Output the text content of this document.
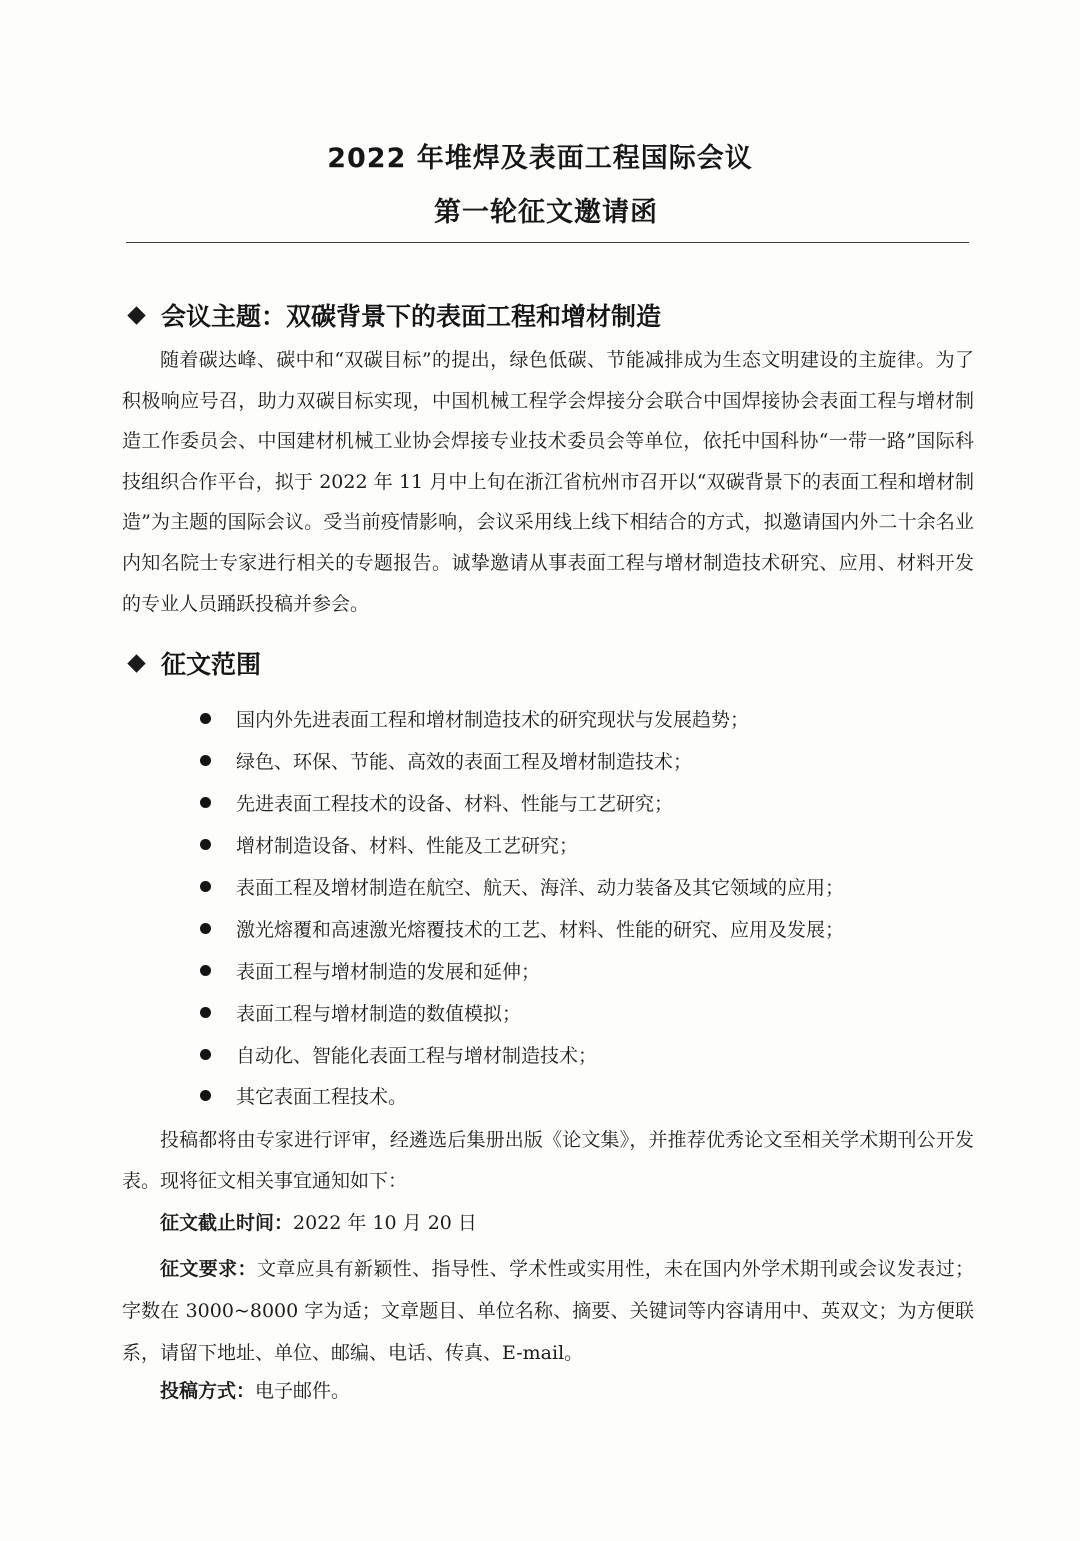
2022 年堆焊及表面工程国际会议
第一轮征文邀请函
会议主题：双碳背景下的表面工程和增材制造

随着碳达峰、碳中和“双碳目标”的提出，绿色低碳、节能减排成为生态文明建设的主旋律。为了积极响应号召，助力双碳目标实现，中国机械工程学会焊接分会联合中国焊接协会表面工程与增材制造工作委员会、中国建材机械工业协会焊接专业技术委员会等单位，依托中国科协“一带一路”国际科技组织合作平台，拟于 2022 年 11 月中上旬在浙江省杭州市召开以“双碳背景下的表面工程和增材制造”为主题的国际会议。受当前疫情影响，会议采用线上线下相结合的方式，拟邀请国内外二十余名业内知名院士专家进行相关的专题报告。诚挚邀请从事表面工程与增材制造技术研究、应用、材料开发的专业人员踊跃投稿并参会。

征文范围
国内外先进表面工程和增材制造技术的研究现状与发展趋势；
绿色、环保、节能、高效的表面工程及增材制造技术；
先进表面工程技术的设备、材料、性能与工艺研究；
增材制造设备、材料、性能及工艺研究；
表面工程及增材制造在航空、航天、海洋、动力装备及其它领域的应用；
激光熔覆和高速激光熔覆技术的工艺、材料、性能的研究、应用及发展；
表面工程与增材制造的发展和延伸；
表面工程与增材制造的数值模拟；
自动化、智能化表面工程与增材制造技术；
其它表面工程技术。

投稿都将由专家进行评审，经遴选后集册出版《论文集》，并推荐优秀论文至相关学术期刊公开发表。现将征文相关事宜通知如下：

征文截止时间：2022 年 10 月 20 日
征文要求：文章应具有新颖性、指导性、学术性或实用性，未在国内外学术期刊或会议发表过；字数在 3000~8000 字为适；文章题目、单位名称、摘要、关键词等内容请用中、英双文；为方便联系，请留下地址、单位、邮编、电话、传真、E-mail。
投稿方式：电子邮件。
